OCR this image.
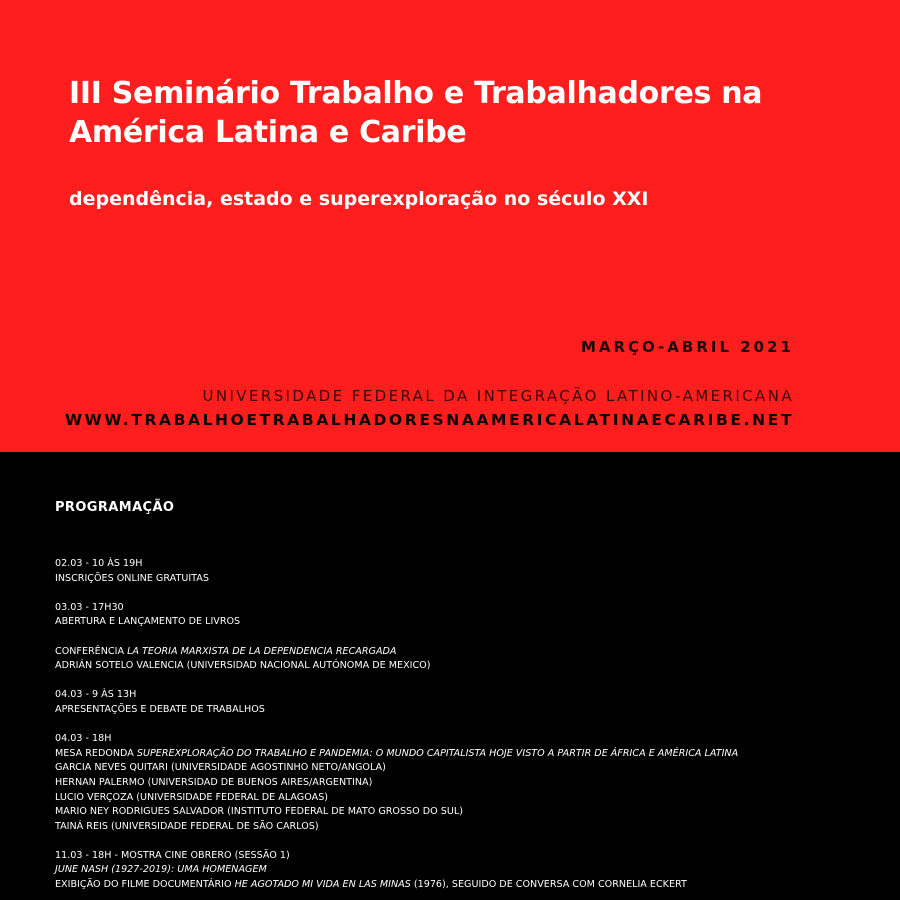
III Seminário Trabalho e Trabalhadores na América Latina e Caribe
dependência, estado e superexploração no século XXI
MARÇO-ABRIL 2021
UNIVERSIDADE FEDERAL DA INTEGRAÇÃO LATINO-AMERICANA
WWW.TRABALHOETRABALHADORESNAAMERICALATINAECARIBE.NET
PROGRAMAÇÃO
02.03 - 10 ÀS 19H
INSCRIÇÕES ONLINE GRATUITAS
03.03 - 17H30
ABERTURA E LANÇAMENTO DE LIVROS
CONFERÊNCIA LA TEORIA MARXISTA DE LA DEPENDENCIA RECARGADA
ADRIÁN SOTELO VALENCIA (UNIVERSIDAD NACIONAL AUTÓNOMA DE MEXICO)
04.03 - 9 ÀS 13H
APRESENTAÇÕES E DEBATE DE TRABALHOS
04.03 - 18H
MESA REDONDA SUPEREXPLORAÇÃO DO TRABALHO E PANDEMIA: O MUNDO CAPITALISTA HOJE VISTO A PARTIR DE ÁFRICA E AMÉRICA LATINA
GARCIA NEVES QUITARI (UNIVERSIDADE AGOSTINHO NETO/ANGOLA)
HERNAN PALERMO (UNIVERSIDAD DE BUENOS AIRES/ARGENTINA)
LUCIO VERÇOZA (UNIVERSIDADE FEDERAL DE ALAGOAS)
MARIO NEY RODRIGUES SALVADOR (INSTITUTO FEDERAL DE MATO GROSSO DO SUL)
TAINÁ REIS (UNIVERSIDADE FEDERAL DE SÃO CARLOS)
11.03 - 18H - MOSTRA CINE OBRERO (SESSÃO 1)
JUNE NASH (1927-2019): UMA HOMENAGEM
EXIBIÇÃO DO FILME DOCUMENTÁRIO HE AGOTADO MI VIDA EN LAS MINAS (1976), SEGUIDO DE CONVERSA COM CORNELIA ECKERT
